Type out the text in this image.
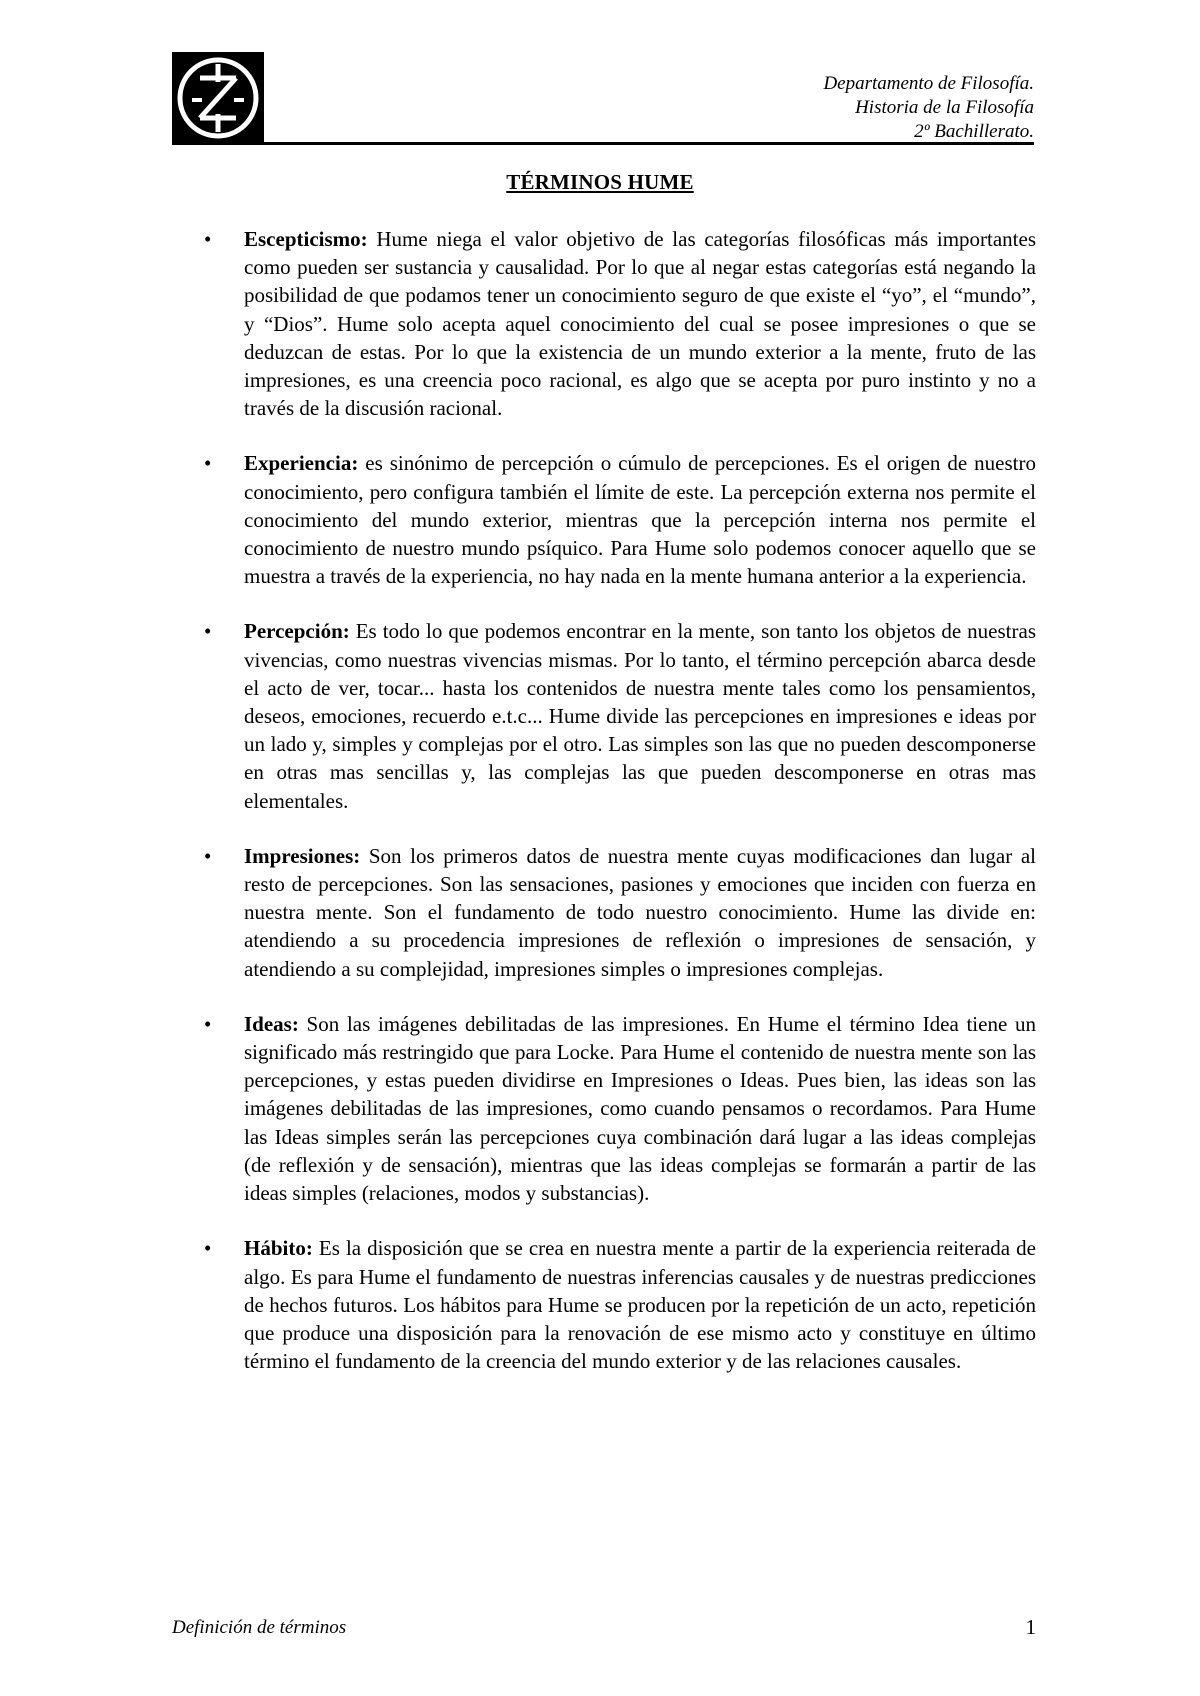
Departamento de Filosofía.
Historia de la Filosofía
2º Bachillerato.
TÉRMINOS HUME
•	Escepticismo: Hume niega el valor objetivo de las categorías filosóficas más importantes como pueden ser sustancia y causalidad. Por lo que al negar estas categorías está negando la posibilidad de que podamos tener un conocimiento seguro de que existe el “yo”, el “mundo”, y “Dios”. Hume solo acepta aquel conocimiento del cual se posee impresiones o que se deduzcan de estas. Por lo que la existencia de un mundo exterior a la mente, fruto de las impresiones, es una creencia poco racional, es algo que se acepta por puro instinto y no a través de la discusión racional.
•	Experiencia: es sinónimo de percepción o cúmulo de percepciones. Es el origen de nuestro conocimiento, pero configura también el límite de este. La percepción externa nos permite el conocimiento del mundo exterior, mientras que la percepción interna nos permite el conocimiento de nuestro mundo psíquico. Para Hume solo podemos conocer aquello que se muestra a través de la experiencia, no hay nada en la mente humana anterior a la experiencia.
•	Percepción: Es todo lo que podemos encontrar en la mente, son tanto los objetos de nuestras vivencias, como nuestras vivencias mismas. Por lo tanto, el término percepción abarca desde el acto de ver, tocar... hasta los contenidos de nuestra mente tales como los pensamientos, deseos, emociones, recuerdo e.t.c... Hume divide las percepciones en impresiones e ideas por un lado y, simples y complejas por el otro. Las simples son las que no pueden descomponerse en otras mas sencillas y, las complejas las que pueden descomponerse en otras mas elementales.
•	Impresiones: Son los primeros datos de nuestra mente cuyas modificaciones dan lugar al resto de percepciones. Son las sensaciones, pasiones y emociones que inciden con fuerza en nuestra mente. Son el fundamento de todo nuestro conocimiento. Hume las divide en: atendiendo a su procedencia impresiones de reflexión o impresiones de sensación, y atendiendo a su complejidad, impresiones simples o impresiones complejas.
•	Ideas: Son las imágenes debilitadas de las impresiones. En Hume el término Idea tiene un significado más restringido que para Locke. Para Hume el contenido de nuestra mente son las percepciones, y estas pueden dividirse en Impresiones o Ideas. Pues bien, las ideas son las imágenes debilitadas de las impresiones, como cuando pensamos o recordamos. Para Hume las Ideas simples serán las percepciones cuya combinación dará lugar a las ideas complejas (de reflexión y de sensación), mientras que las ideas complejas se formarán a partir de las ideas simples (relaciones, modos y substancias).
•	Hábito: Es la disposición que se crea en nuestra mente a partir de la experiencia reiterada de algo. Es para Hume el fundamento de nuestras inferencias causales y de nuestras predicciones de hechos futuros. Los hábitos para Hume se producen por la repetición de un acto, repetición que produce una disposición para la renovación de ese mismo acto y constituye en último término el fundamento de la creencia del mundo exterior y de las relaciones causales.
Definición de términos	1
